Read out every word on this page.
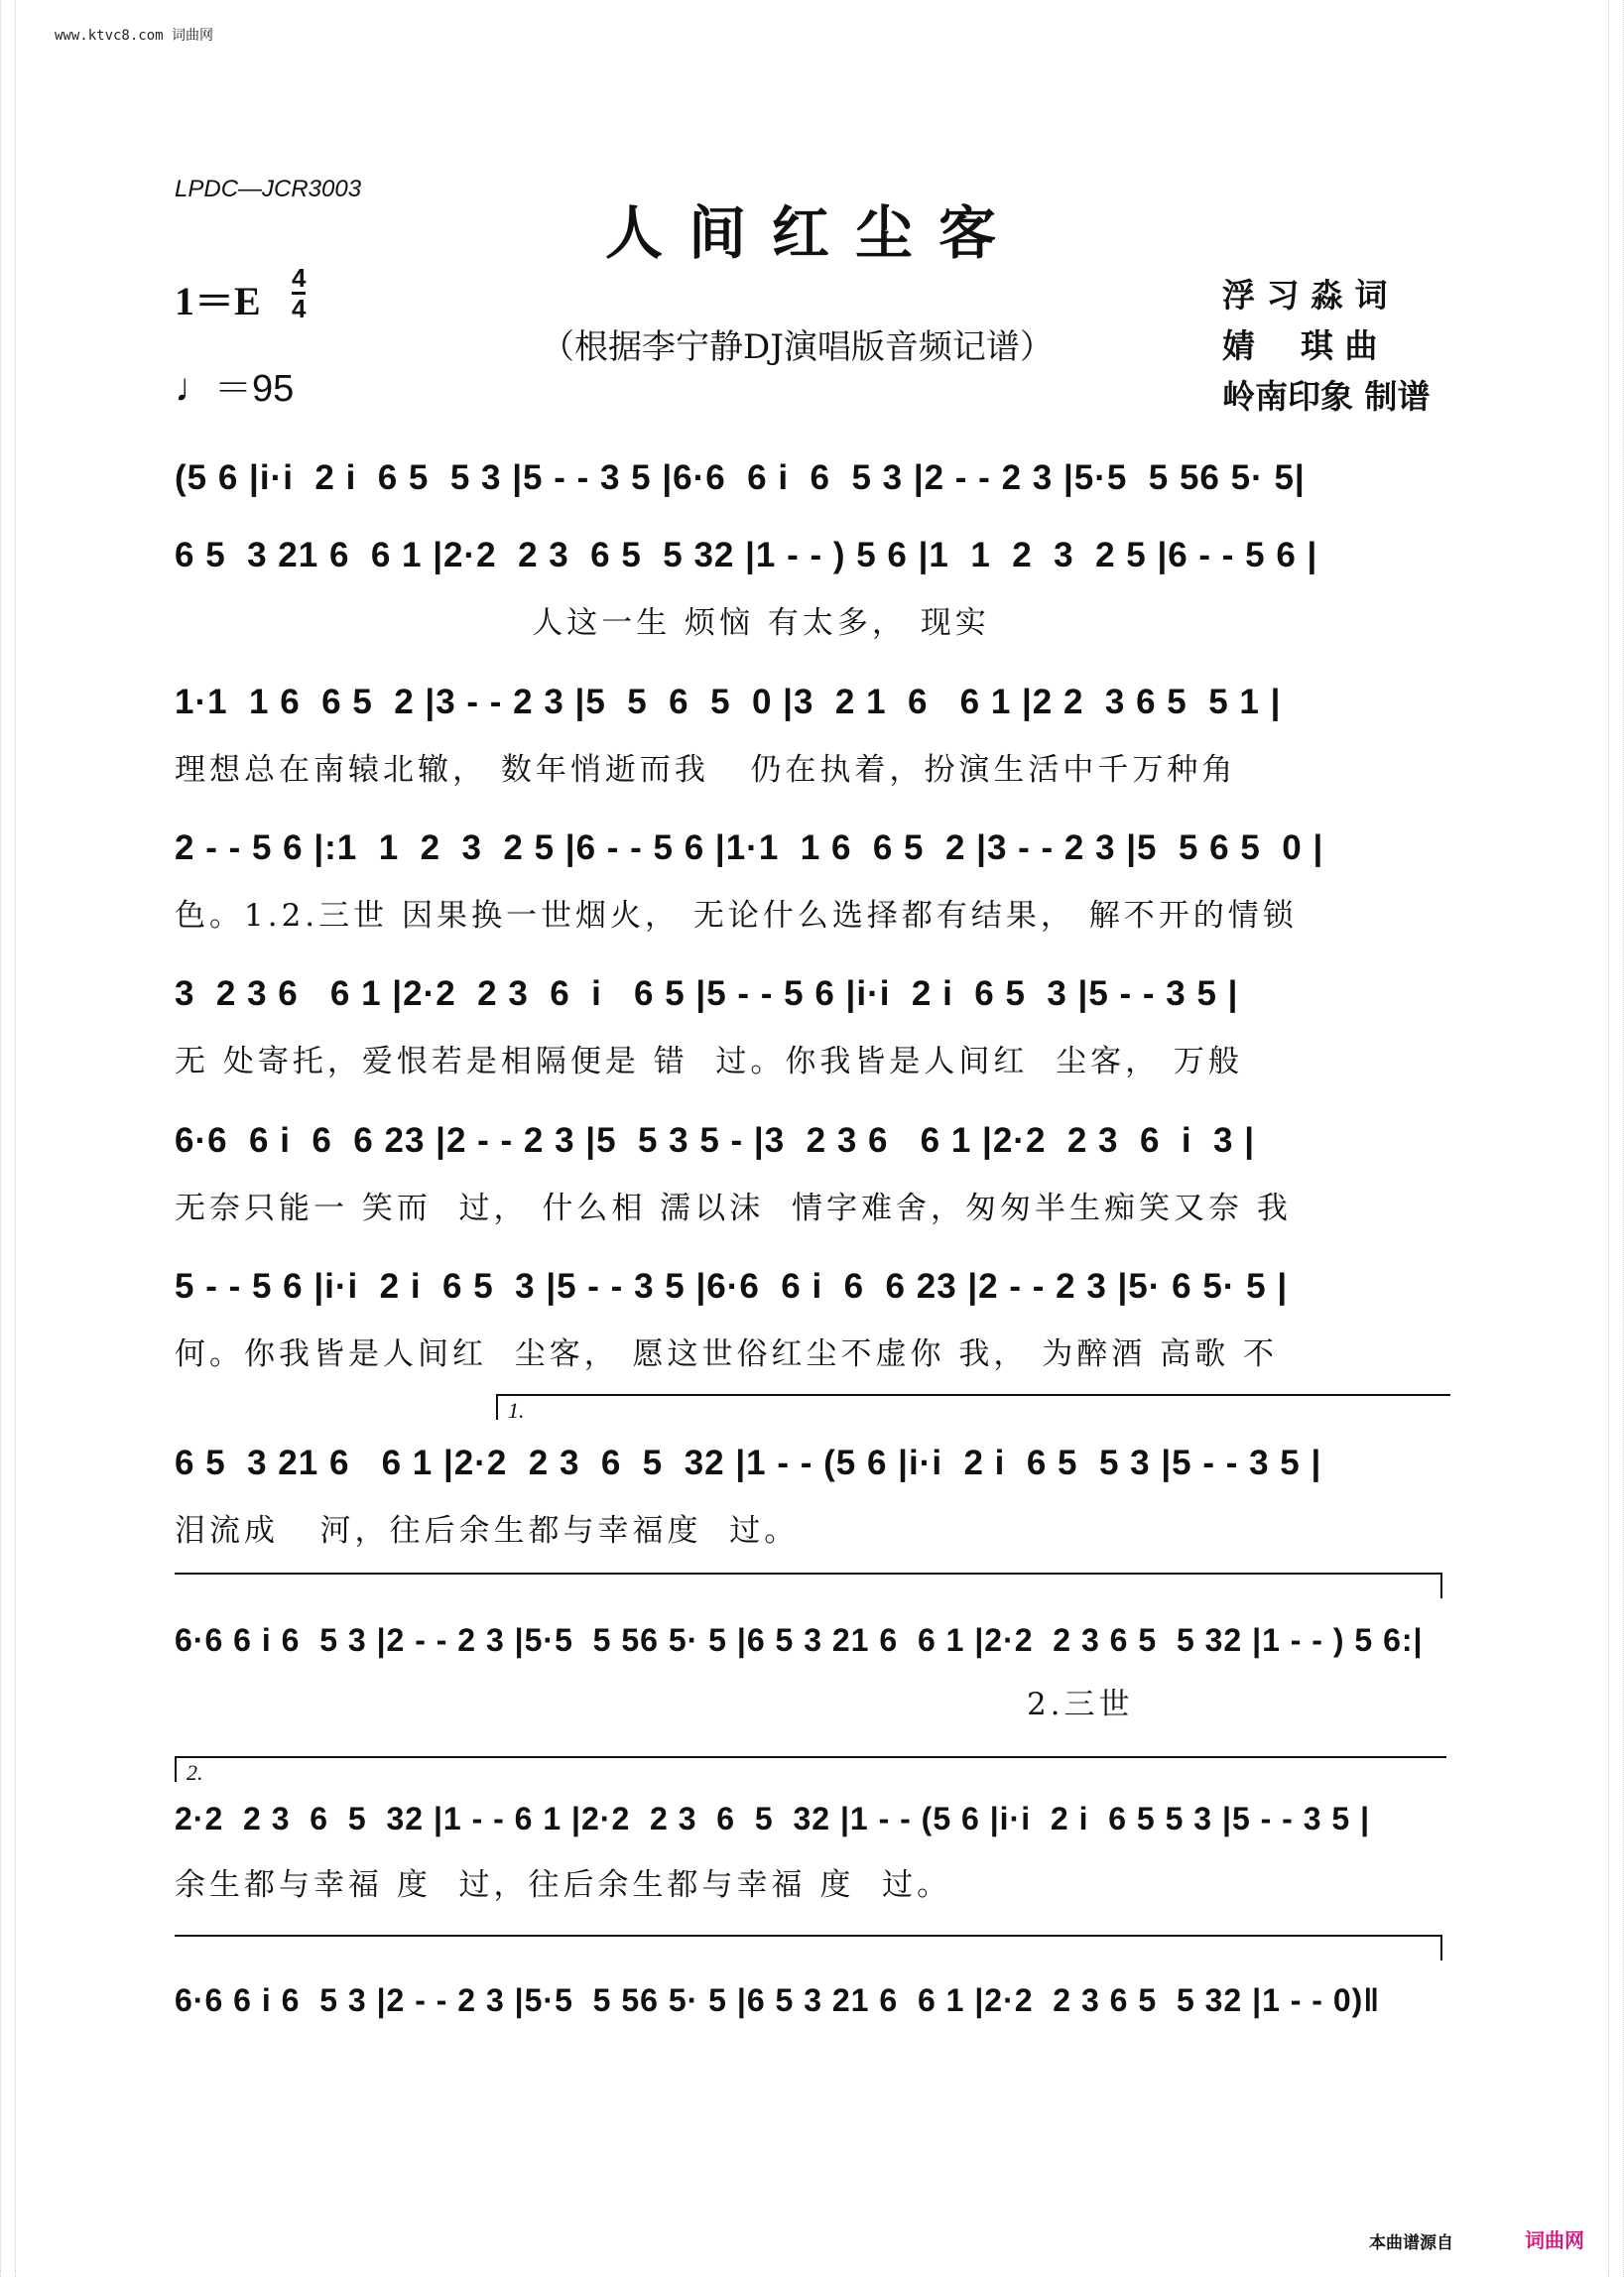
www.ktvc8.com 词曲网
LPDC—JCR3003
人间红尘客
1＝E
4
4
♩＝95
（根据李宁静DJ演唱版音频记谱）
浮 习 淼 词
婧    琪 曲
岭南印象 制谱
(5 6 |i·i  2 i  6 5  5 3 |5 - - 3 5 |6·6  6 i  6  5 3 |2 - - 2 3 |5·5  5 56 5· 5|
6 5  3 21 6  6 1 |2·2  2 3  6 5  5 32 |1 - - ) 5 6 |1  1  2  3  2 5 |6 - - 5 6 |
人这一生 烦恼 有太多， 现实
1·1  1 6  6 5  2 |3 - - 2 3 |5  5  6  5  0 |3  2 1  6   6 1 |2 2  3 6 5  5 1 |
理想总在南辕北辙， 数年悄逝而我   仍在执着，扮演生活中千万种角
2 - - 5 6 |:1  1  2  3  2 5 |6 - - 5 6 |1·1  1 6  6 5  2 |3 - - 2 3 |5  5 6 5  0 |
色。1.2.三世 因果换一世烟火， 无论什么选择都有结果， 解不开的情锁
3  2 3 6   6 1 |2·2  2 3  6  i   6 5 |5 - - 5 6 |i·i  2 i  6 5  3 |5 - - 3 5 |
无 处寄托，爱恨若是相隔便是 错  过。你我皆是人间红  尘客， 万般
6·6  6 i  6  6 23 |2 - - 2 3 |5  5 3 5 - |3  2 3 6   6 1 |2·2  2 3  6  i  3 |
无奈只能一 笑而  过， 什么相 濡以沫  情字难舍，匆匆半生痴笑又奈 我
5 - - 5 6 |i·i  2 i  6 5  3 |5 - - 3 5 |6·6  6 i  6  6 23 |2 - - 2 3 |5· 6 5· 5 |
何。你我皆是人间红  尘客， 愿这世俗红尘不虚你 我， 为醉酒 高歌 不
1.
6 5  3 21 6   6 1 |2·2  2 3  6  5  32 |1 - - (5 6 |i·i  2 i  6 5  5 3 |5 - - 3 5 |
泪流成   河，往后余生都与幸福度  过。
6·6 6 i 6  5 3 |2 - - 2 3 |5·5  5 56 5· 5 |6 5 3 21 6  6 1 |2·2  2 3 6 5  5 32 |1 - - ) 5 6:|
2.三世
2.
2·2  2 3  6  5  32 |1 - - 6 1 |2·2  2 3  6  5  32 |1 - - (5 6 |i·i  2 i  6 5 5 3 |5 - - 3 5 |
余生都与幸福 度  过，往后余生都与幸福 度  过。
6·6 6 i 6  5 3 |2 - - 2 3 |5·5  5 56 5· 5 |6 5 3 21 6  6 1 |2·2  2 3 6 5  5 32 |1 - - 0)‖
本曲谱源自	词曲网
